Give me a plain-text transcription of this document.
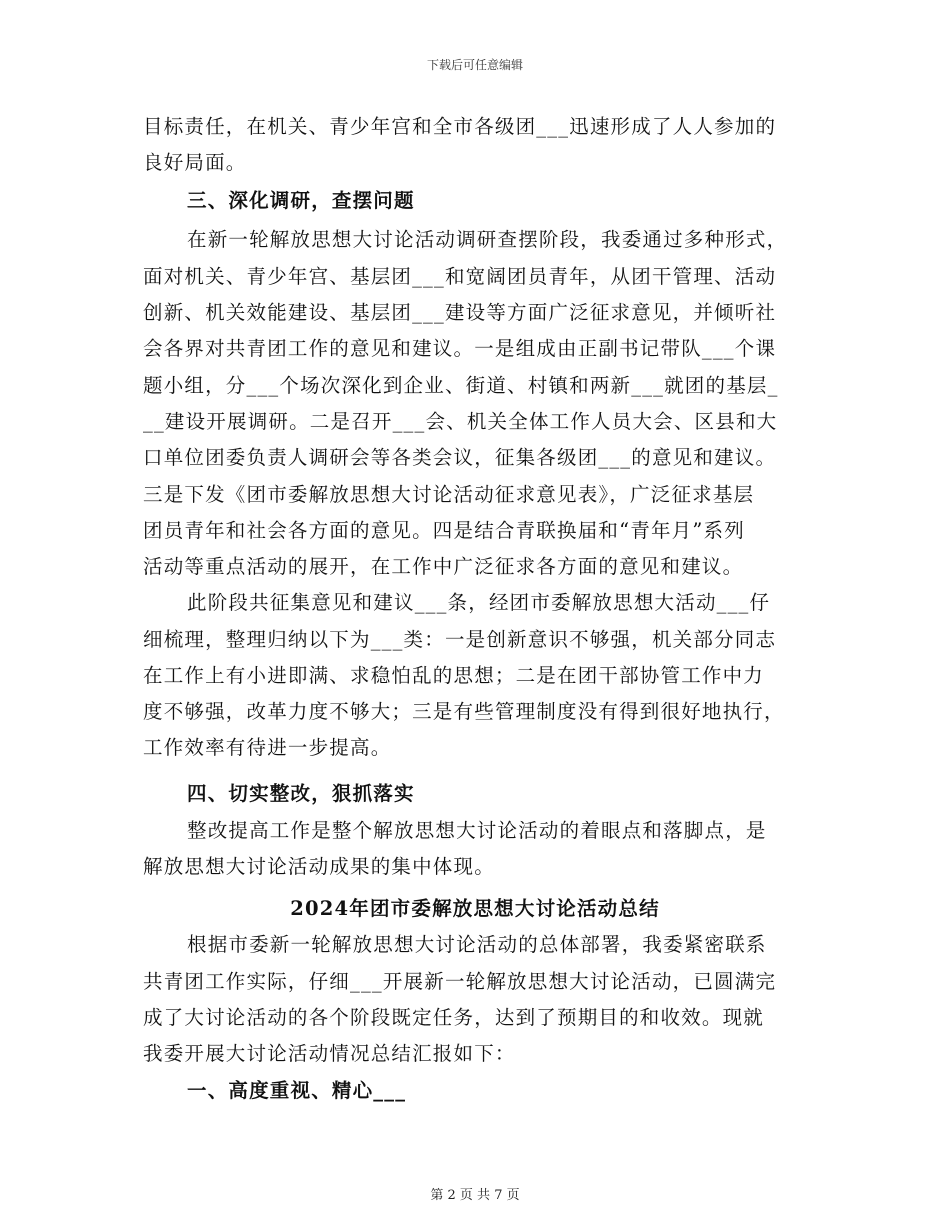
下载后可任意编辑
目标责任，在机关、青少年宫和全市各级团___迅速形成了人人参加的
良好局面。
三、深化调研，查摆问题
在新一轮解放思想大讨论活动调研查摆阶段，我委通过多种形式，
面对机关、青少年宫、基层团___和宽阔团员青年，从团干管理、活动
创新、机关效能建设、基层团___建设等方面广泛征求意见，并倾听社
会各界对共青团工作的意见和建议。一是组成由正副书记带队___个课
题小组，分___个场次深化到企业、街道、村镇和两新___就团的基层_
__建设开展调研。二是召开___会、机关全体工作人员大会、区县和大
口单位团委负责人调研会等各类会议，征集各级团___的意见和建议。
三是下发《团市委解放思想大讨论活动征求意见表》，广泛征求基层
团员青年和社会各方面的意见。四是结合青联换届和“青年月”系列
活动等重点活动的展开，在工作中广泛征求各方面的意见和建议。
此阶段共征集意见和建议___条，经团市委解放思想大活动___仔
细梳理，整理归纳以下为___类：一是创新意识不够强，机关部分同志
在工作上有小进即满、求稳怕乱的思想；二是在团干部协管工作中力
度不够强，改革力度不够大；三是有些管理制度没有得到很好地执行，
工作效率有待进一步提高。
四、切实整改，狠抓落实
整改提高工作是整个解放思想大讨论活动的着眼点和落脚点，是
解放思想大讨论活动成果的集中体现。
2024年团市委解放思想大讨论活动总结
根据市委新一轮解放思想大讨论活动的总体部署，我委紧密联系
共青团工作实际，仔细___开展新一轮解放思想大讨论活动，已圆满完
成了大讨论活动的各个阶段既定任务，达到了预期目的和收效。现就
我委开展大讨论活动情况总结汇报如下：
一、高度重视、精心___
第 2 页 共 7 页
